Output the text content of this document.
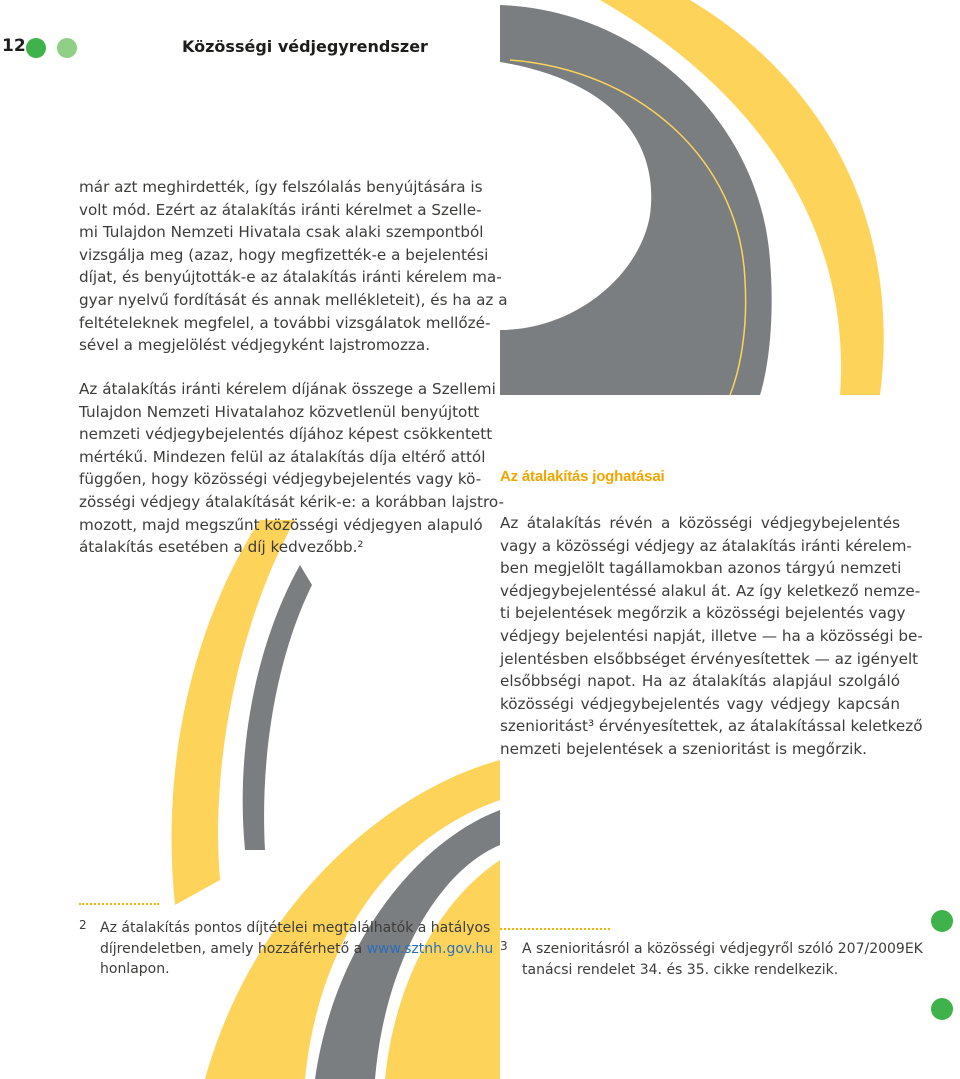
12	Közösségi védjegyrendszer
már azt meghirdették, így felszólalás benyújtására is
volt mód. Ezért az átalakítás iránti kérelmet a Szelle-
mi Tulajdon Nemzeti Hivatala csak alaki szempontból
vizsgálja meg (azaz, hogy megfizették-e a bejelentési
díjat, és benyújtották-e az átalakítás iránti kérelem ma-
gyar nyelvű fordítását és annak mellékleteit), és ha az a
feltételeknek megfelel, a további vizsgálatok mellőzé-
sével a megjelölést védjegyként lajstromozza.
Az átalakítás iránti kérelem díjának összege a Szellemi
Tulajdon Nemzeti Hivatalahoz közvetlenül benyújtott
nemzeti védjegybejelentés díjához képest csökkentett
mértékű. Mindezen felül az átalakítás díja eltérő attól
függően, hogy közösségi védjegybejelentés vagy kö-
zösségi védjegy átalakítását kérik-e: a korábban lajstro-
mozott, majd megszűnt közösségi védjegyen alapuló
átalakítás esetében a díj kedvezőbb.²
Az átalakítás joghatásai
Az átalakítás révén a közösségi védjegybejelentés
vagy a közösségi védjegy az átalakítás iránti kérelem-
ben megjelölt tagállamokban azonos tárgyú nemzeti
védjegybejelentéssé alakul át. Az így keletkező nemze-
ti bejelentések megőrzik a közösségi bejelentés vagy
védjegy bejelentési napját, illetve — ha a közösségi be-
jelentésben elsőbbséget érvényesítettek — az igényelt
elsőbbségi napot. Ha az átalakítás alapjául szolgáló
közösségi védjegybejelentés vagy védjegy kapcsán
szenioritást³ érvényesítettek, az átalakítással keletkező
nemzeti bejelentések a szenioritást is megőrzik.
2 Az átalakítás pontos díjtételei megtalálhatók a hatályos
díjrendeletben, amely hozzáférhető a www.sztnh.gov.hu
honlapon.
3 A szenioritásról a közösségi védjegyről szóló 207/2009EK
tanácsi rendelet 34. és 35. cikke rendelkezik.
